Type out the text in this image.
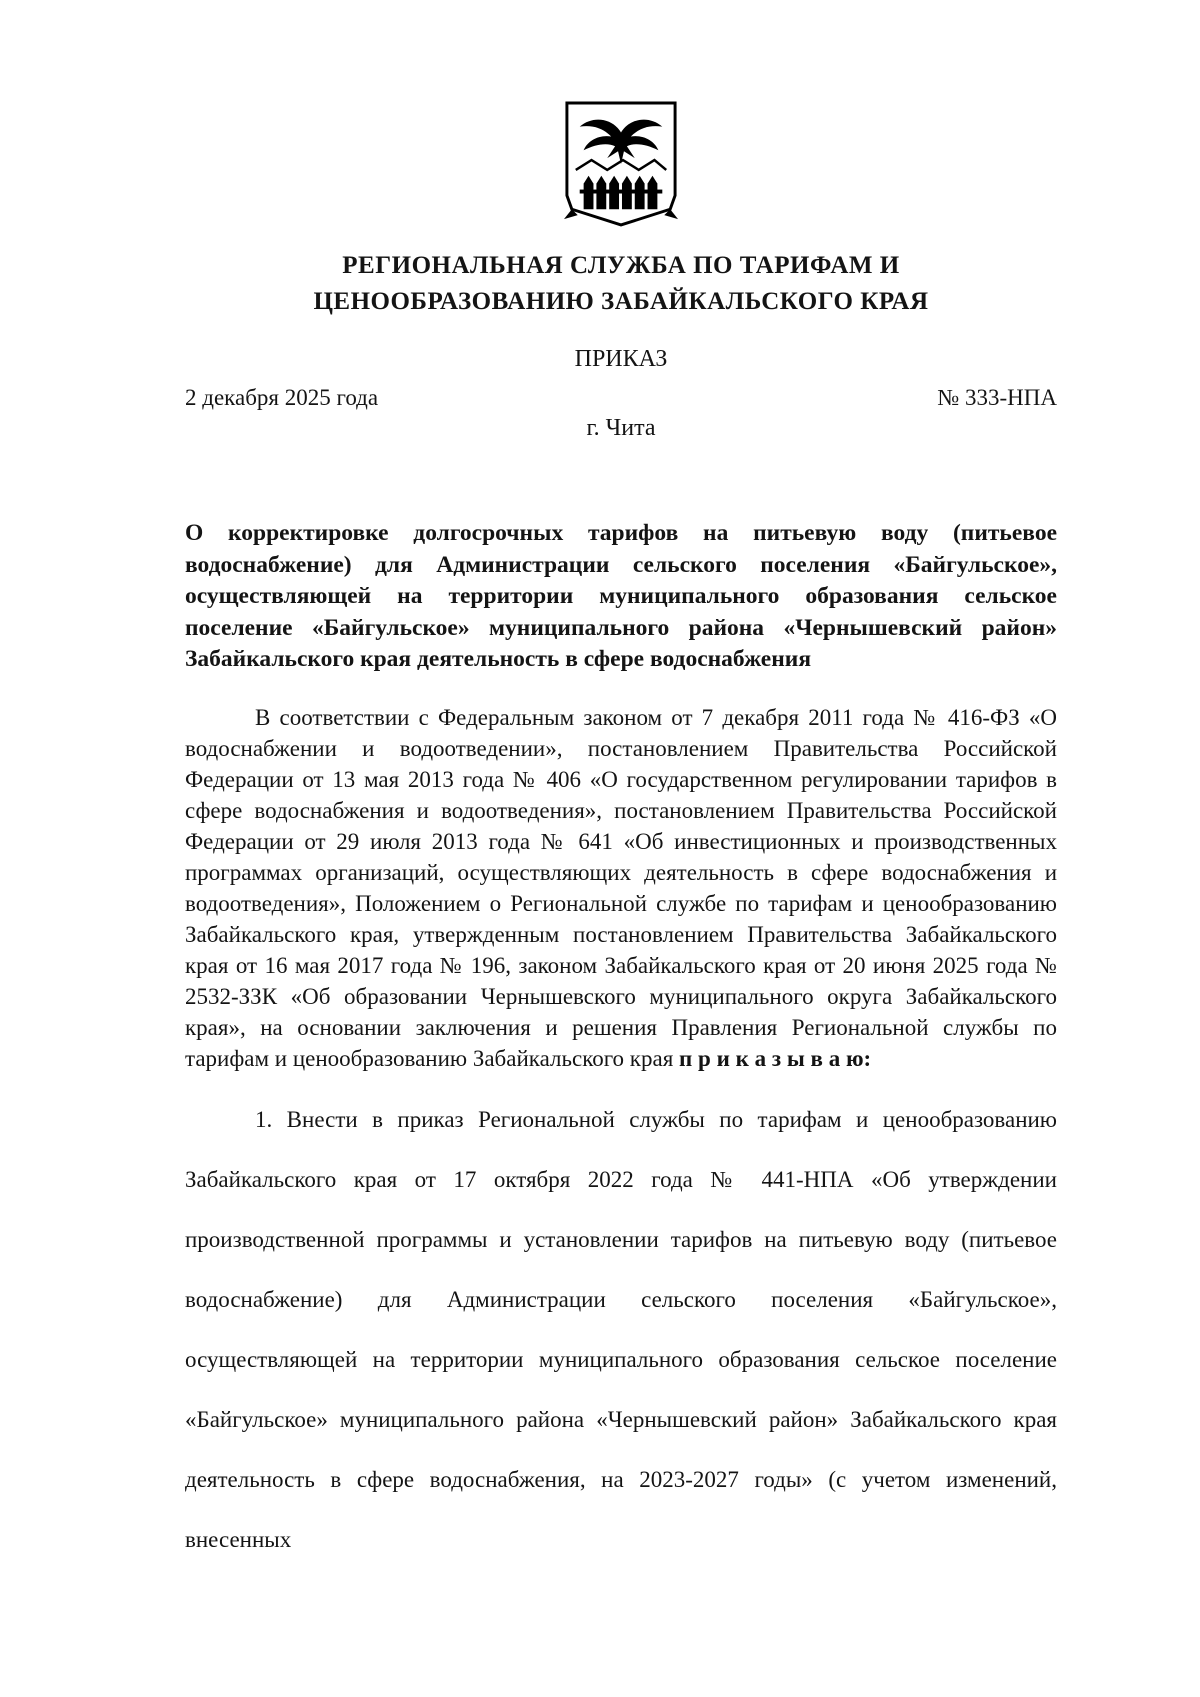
РЕГИОНАЛЬНАЯ СЛУЖБА ПО ТАРИФАМ И
ЦЕНООБРАЗОВАНИЮ ЗАБАЙКАЛЬСКОГО КРАЯ
ПРИКАЗ
2 декабря 2025 года	№ 333-НПА
г. Чита

О корректировке долгосрочных тарифов на питьевую воду (питьевое водоснабжение) для Администрации сельского поселения «Байгульское», осуществляющей на территории муниципального образования сельское поселение «Байгульское» муниципального района «Чернышевский район» Забайкальского края деятельность в сфере водоснабжения

В соответствии с Федеральным законом от 7 декабря 2011 года № 416-ФЗ «О водоснабжении и водоотведении», постановлением Правительства Российской Федерации от 13 мая 2013 года № 406 «О государственном регулировании тарифов в сфере водоснабжения и водоотведения», постановлением Правительства Российской Федерации от 29 июля 2013 года № 641 «Об инвестиционных и производственных программах организаций, осуществляющих деятельность в сфере водоснабжения и водоотведения», Положением о Региональной службе по тарифам и ценообразованию Забайкальского края, утвержденным постановлением Правительства Забайкальского края от 16 мая 2017 года № 196, законом Забайкальского края от 20 июня 2025 года № 2532-ЗЗК «Об образовании Чернышевского муниципального округа Забайкальского края», на основании заключения и решения Правления Региональной службы по тарифам и ценообразованию Забайкальского края п р и к а з ы в а ю:

1. Внести в приказ Региональной службы по тарифам и ценообразованию Забайкальского края от 17 октября 2022 года № 441-НПА «Об утверждении производственной программы и установлении тарифов на питьевую воду (питьевое водоснабжение) для Администрации сельского поселения «Байгульское», осуществляющей на территории муниципального образования сельское поселение «Байгульское» муниципального района «Чернышевский район» Забайкальского края деятельность в сфере водоснабжения, на 2023-2027 годы» (с учетом изменений, внесенных
